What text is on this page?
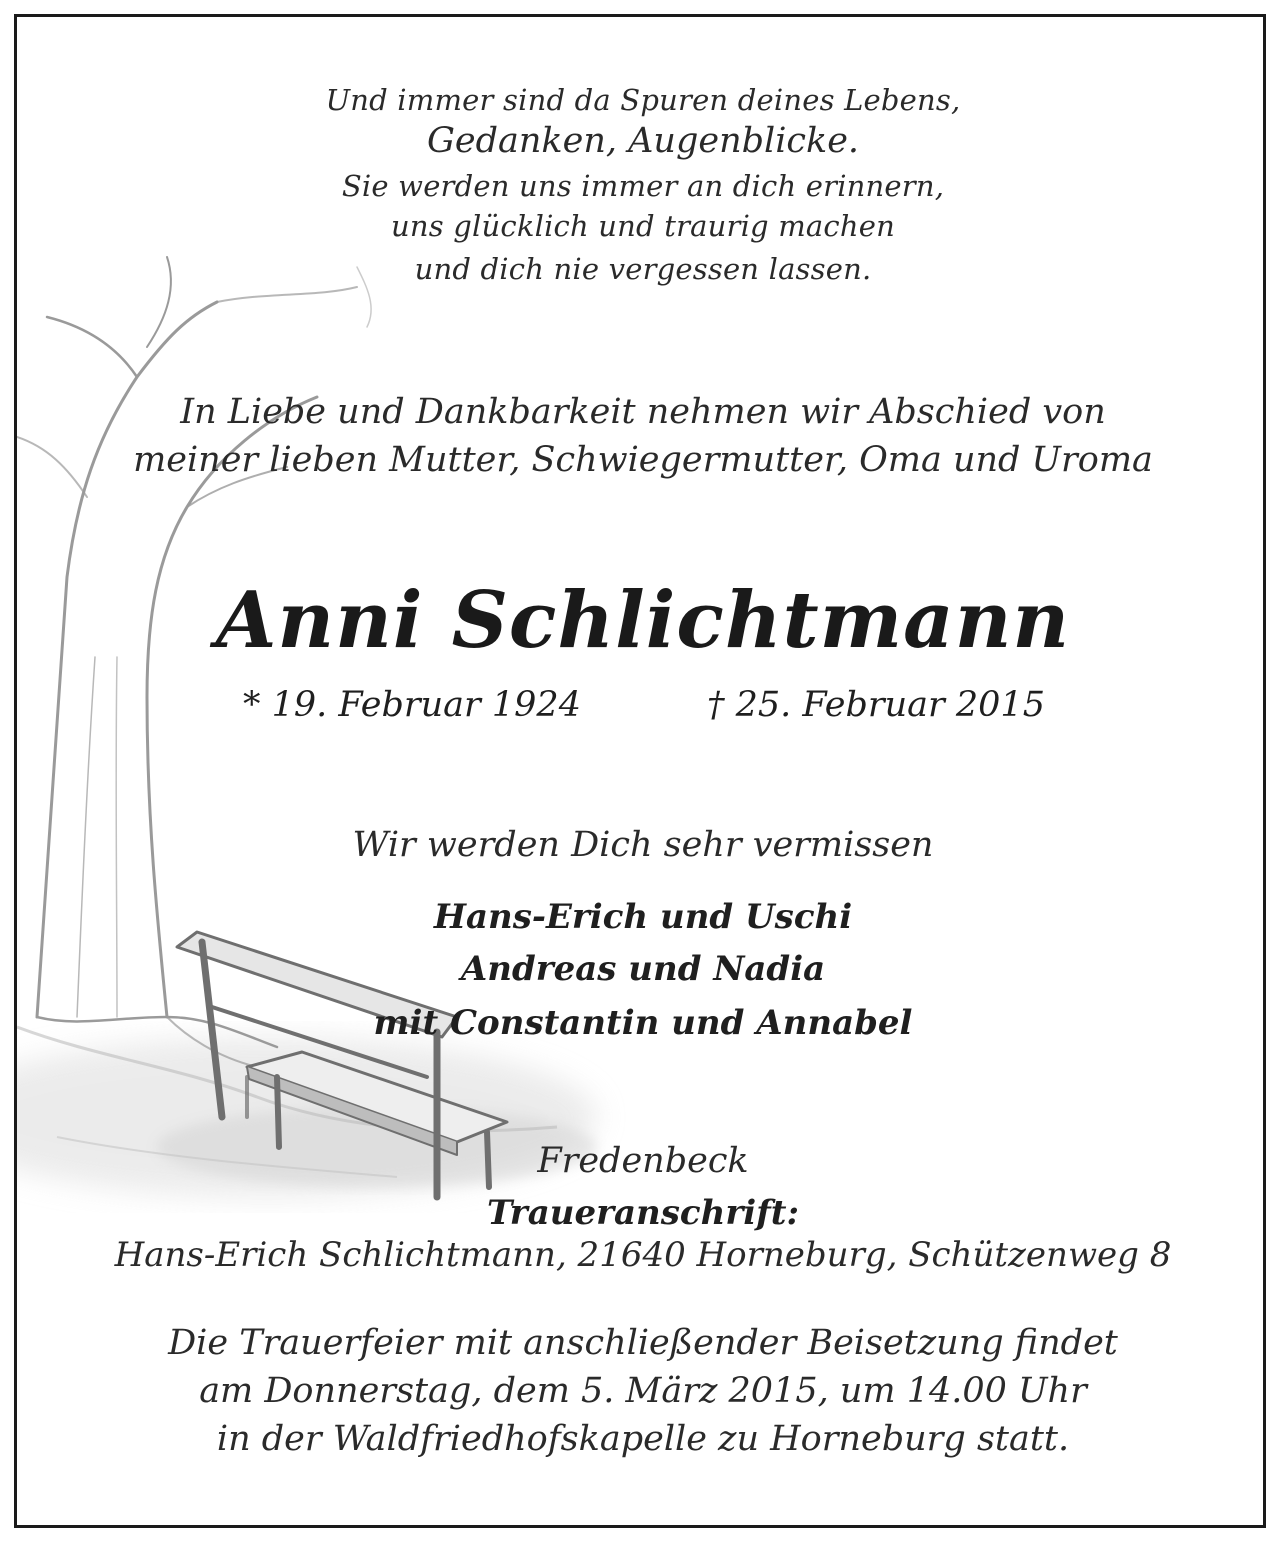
Und immer sind da Spuren deines Lebens,

Gedanken, Augenblicke.

Sie werden uns immer an dich erinnern,

uns glücklich und traurig machen

und dich nie vergessen lassen.

In Liebe und Dankbarkeit nehmen wir Abschied von

meiner lieben Mutter, Schwiegermutter, Oma und Uroma

Anni Schlichtmann

* 19. Februar 1924	† 25. Februar 2015

Wir werden Dich sehr vermissen

Hans-Erich und Uschi

Andreas und Nadia

mit Constantin und Annabel

Fredenbeck

Traueranschrift:

Hans-Erich Schlichtmann, 21640 Horneburg, Schützenweg 8

Die Trauerfeier mit anschließender Beisetzung findet

am Donnerstag, dem 5. März 2015, um 14.00 Uhr

in der Waldfriedhofskapelle zu Horneburg statt.
